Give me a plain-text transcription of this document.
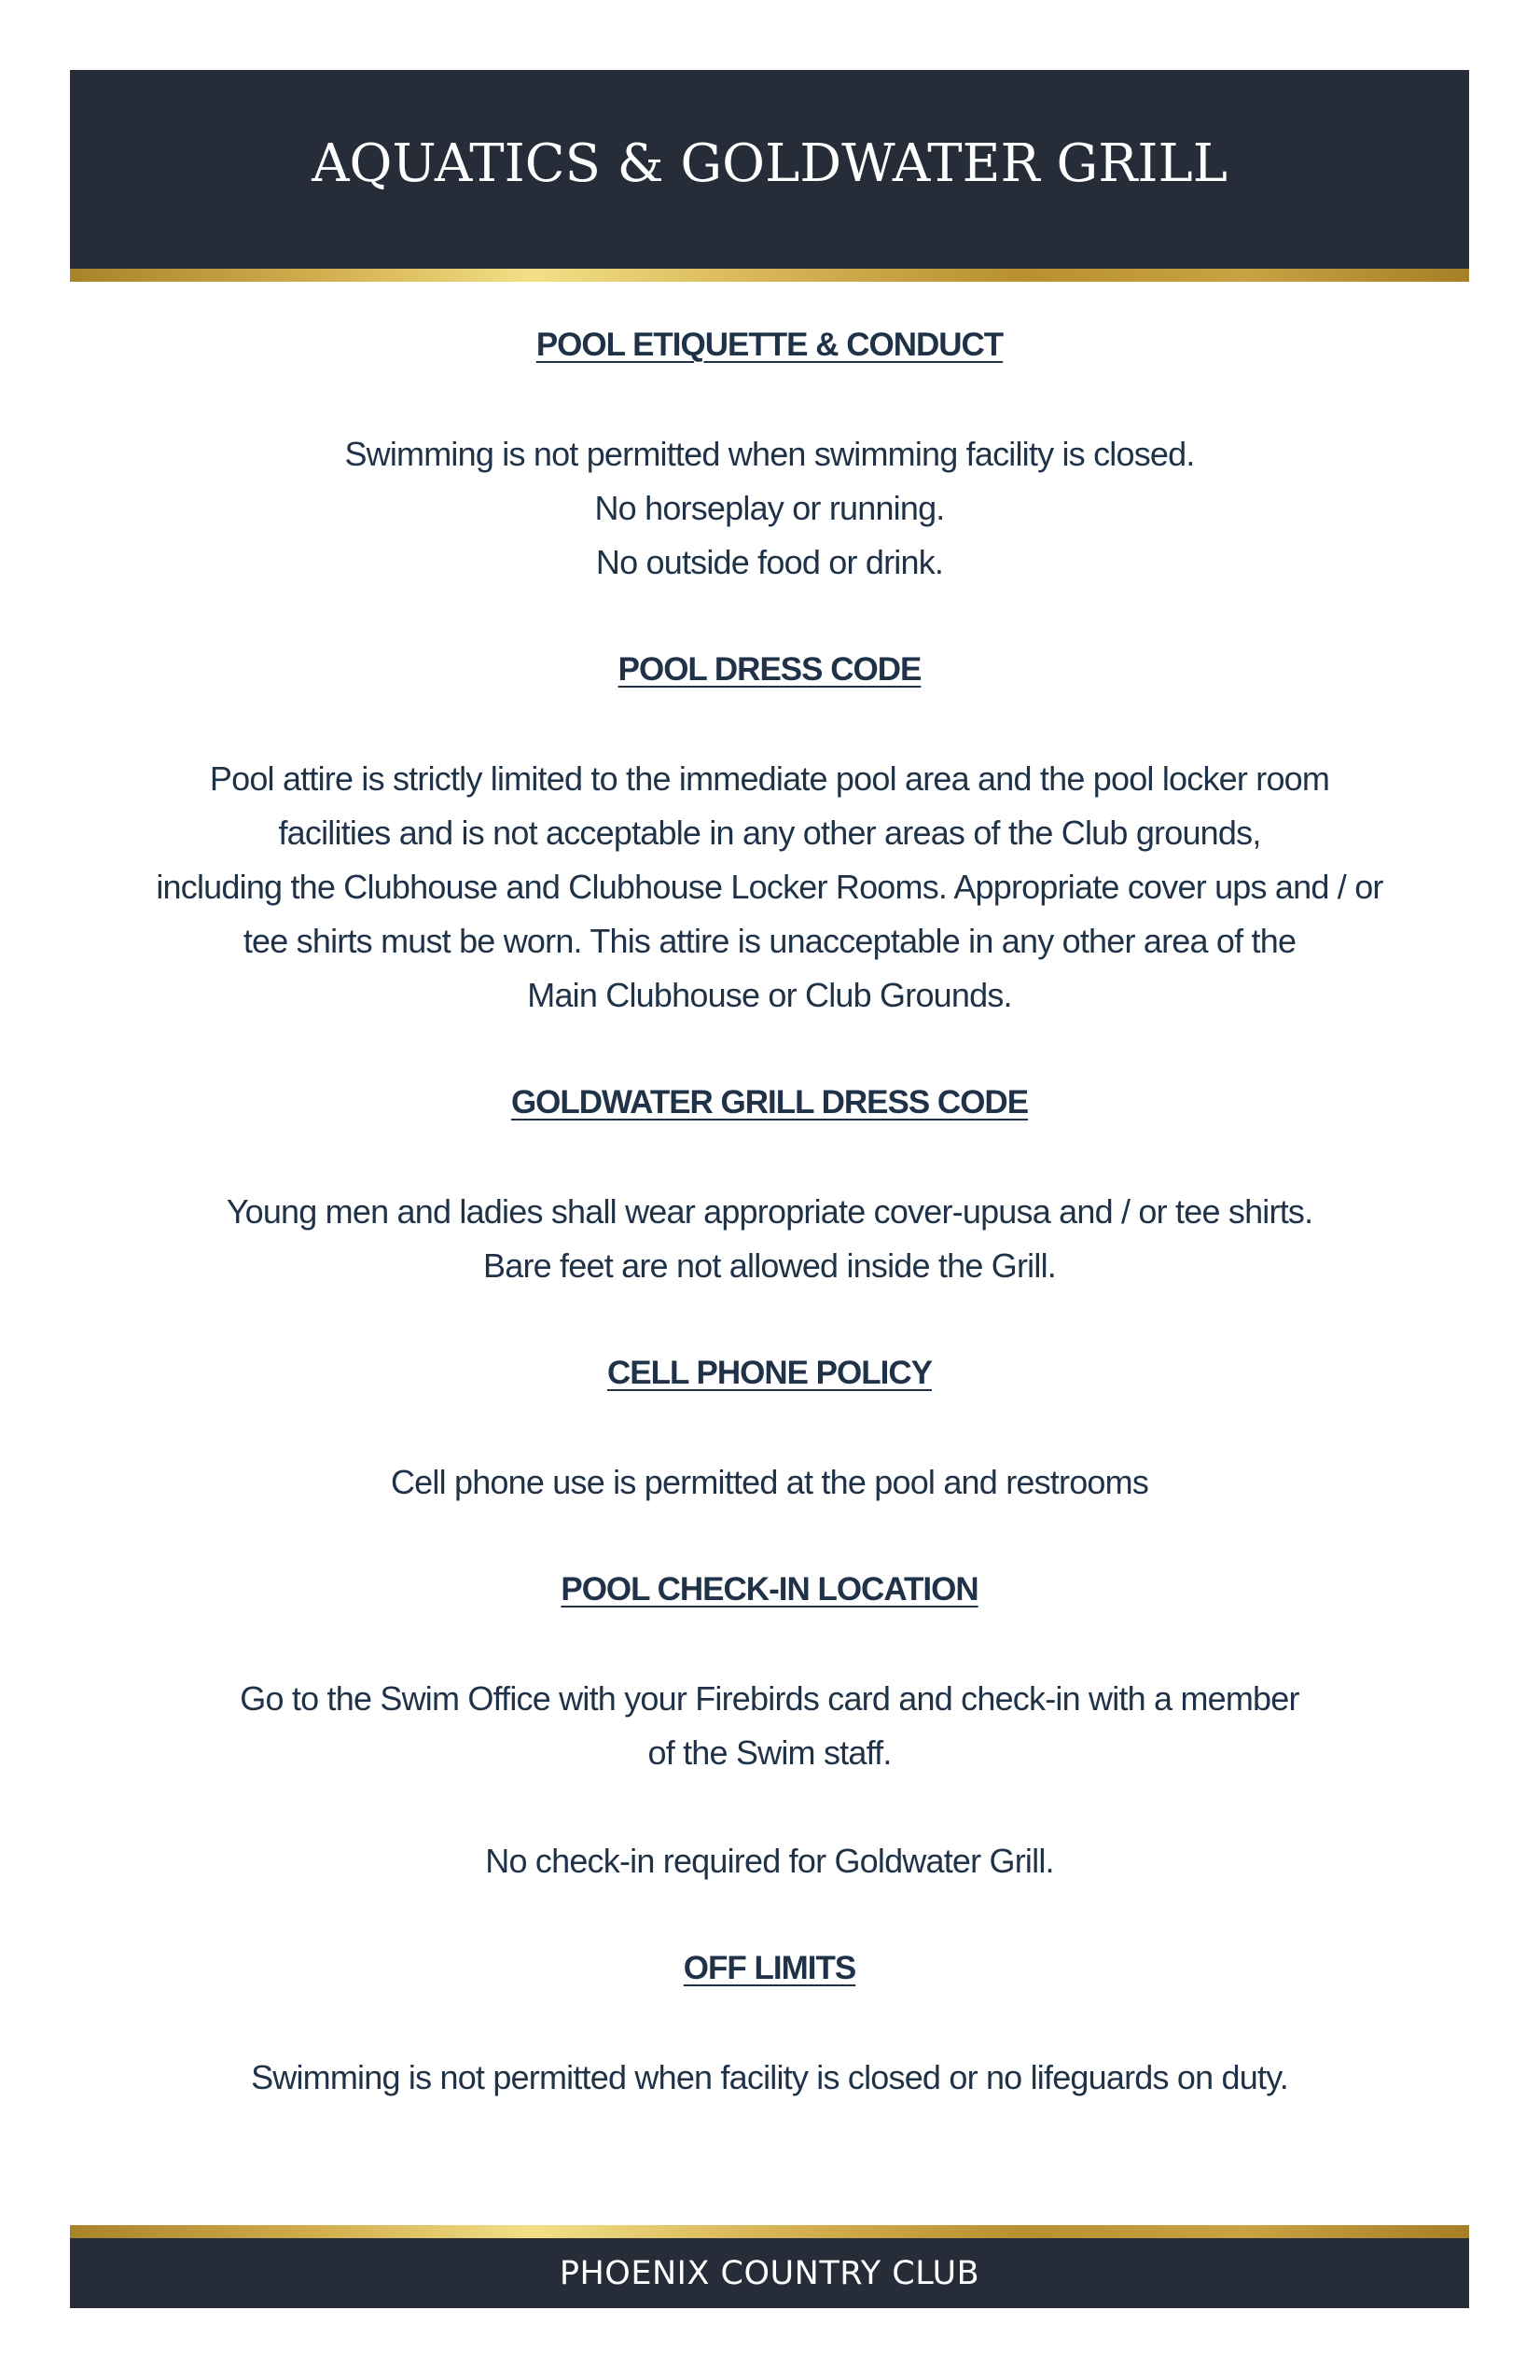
AQUATICS & GOLDWATER GRILL
POOL ETIQUETTE & CONDUCT

Swimming is not permitted when swimming facility is closed.

No horseplay or running.

No outside food or drink.

POOL DRESS CODE

Pool attire is strictly limited to the immediate pool area and the pool locker room

facilities and is not acceptable in any other areas of the Club grounds,

including the Clubhouse and Clubhouse Locker Rooms. Appropriate cover ups and / or

tee shirts must be worn. This attire is unacceptable in any other area of the

Main Clubhouse or Club Grounds.

GOLDWATER GRILL DRESS CODE

Young men and ladies shall wear appropriate cover-upusa and / or tee shirts.

Bare feet are not allowed inside the Grill.

CELL PHONE POLICY

Cell phone use is permitted at the pool and restrooms

POOL CHECK-IN LOCATION

Go to the Swim Office with your Firebirds card and check-in with a member

of the Swim staff.

No check-in required for Goldwater Grill.

OFF LIMITS

Swimming is not permitted when facility is closed or no lifeguards on duty.

PHOENIX COUNTRY CLUB
